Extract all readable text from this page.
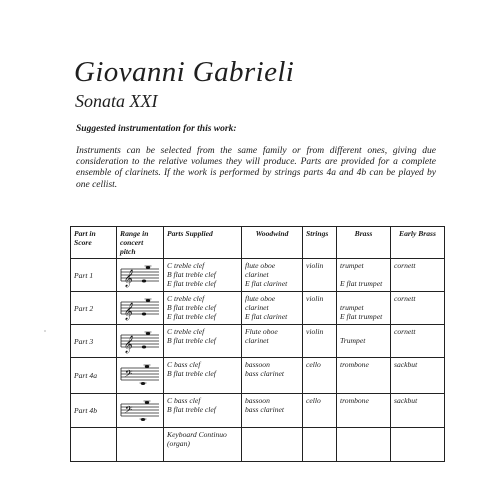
Giovanni Gabrieli
Sonata XXI
Suggested instrumentation for this work:
Instruments can be selected from the same family or from different ones, giving due consideration to the relative volumes they will produce. Parts are provided for a complete ensemble of clarinets. If the work is performed by strings parts 4a and 4b can be played by one cellist.
Part in Score	Range in concert pitch	Parts Supplied	Woodwind	Strings	Brass	Early Brass
Part 1	𝄞	C treble clef
B flat treble clef
E flat treble clef	flute oboe
clarinet
E flat clarinet	violin	trumpet
E flat trumpet	cornett
Part 2	𝄞	C treble clef
B flat treble clef
E flat treble clef	flute oboe
clarinet
E flat clarinet	violin	trumpet
E flat trumpet	cornett
Part 3	𝄞	C treble clef
B flat treble clef	Flute oboe
clarinet	violin	Trumpet	cornett
Part 4a	𝄢	C bass clef
B flat treble clef	bassoon
bass clarinet	cello	trombone	sackbut
Part 4b	𝄢	C bass clef
B flat treble clef	bassoon
bass clarinet	cello	trombone	sackbut

		Keyboard Continuo
(organ)				
